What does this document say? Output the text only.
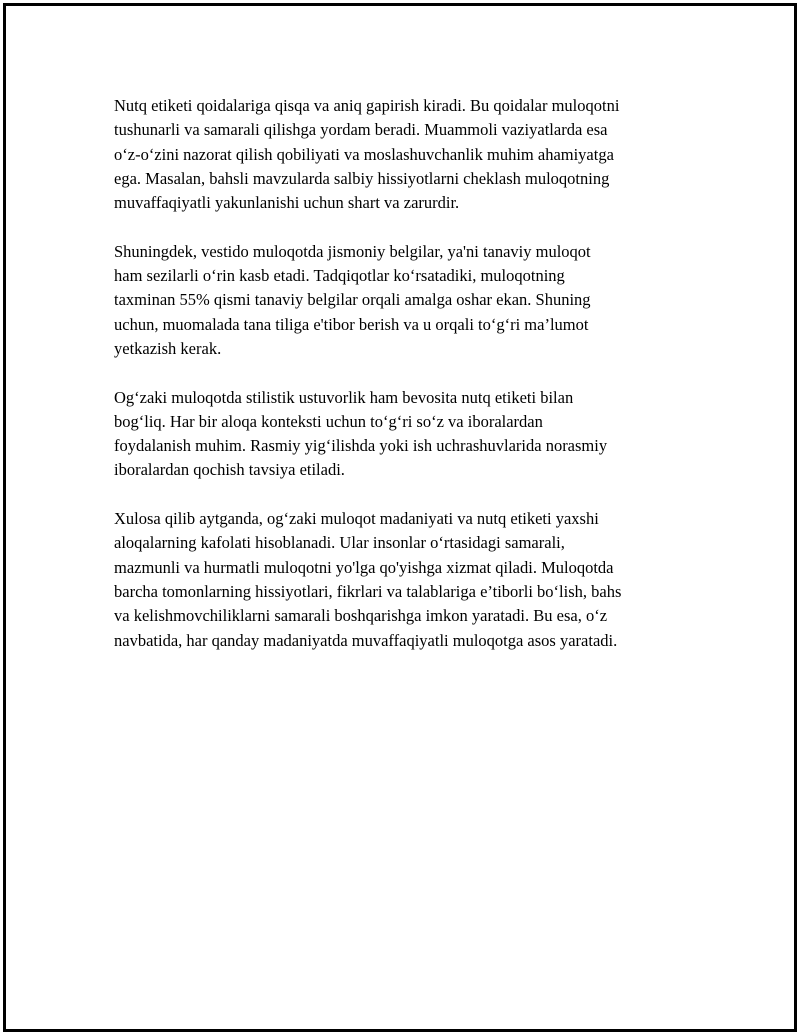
Nutq etiketi qoidalariga qisqa va aniq gapirish kiradi. Bu qoidalar muloqotni
tushunarli va samarali qilishga yordam beradi. Muammoli vaziyatlarda esa
o‘z-o‘zini nazorat qilish qobiliyati va moslashuvchanlik muhim ahamiyatga
ega. Masalan, bahsli mavzularda salbiy hissiyotlarni cheklash muloqotning
muvaffaqiyatli yakunlanishi uchun shart va zarurdir.

Shuningdek, vestido muloqotda jismoniy belgilar, ya'ni tanaviy muloqot
ham sezilarli o‘rin kasb etadi. Tadqiqotlar ko‘rsatadiki, muloqotning
taxminan 55% qismi tanaviy belgilar orqali amalga oshar ekan. Shuning
uchun, muomalada tana tiliga e'tibor berish va u orqali to‘g‘ri ma’lumot
yetkazish kerak.

Og‘zaki muloqotda stilistik ustuvorlik ham bevosita nutq etiketi bilan
bog‘liq. Har bir aloqa konteksti uchun to‘g‘ri so‘z va iboralardan
foydalanish muhim. Rasmiy yig‘ilishda yoki ish uchrashuvlarida norasmiy
iboralardan qochish tavsiya etiladi.

Xulosa qilib aytganda, og‘zaki muloqot madaniyati va nutq etiketi yaxshi
aloqalarning kafolati hisoblanadi. Ular insonlar o‘rtasidagi samarali,
mazmunli va hurmatli muloqotni yo'lga qo'yishga xizmat qiladi. Muloqotda
barcha tomonlarning hissiyotlari, fikrlari va talablariga e’tiborli bo‘lish, bahs
va kelishmovchiliklarni samarali boshqarishga imkon yaratadi. Bu esa, o‘z
navbatida, har qanday madaniyatda muvaffaqiyatli muloqotga asos yaratadi.
